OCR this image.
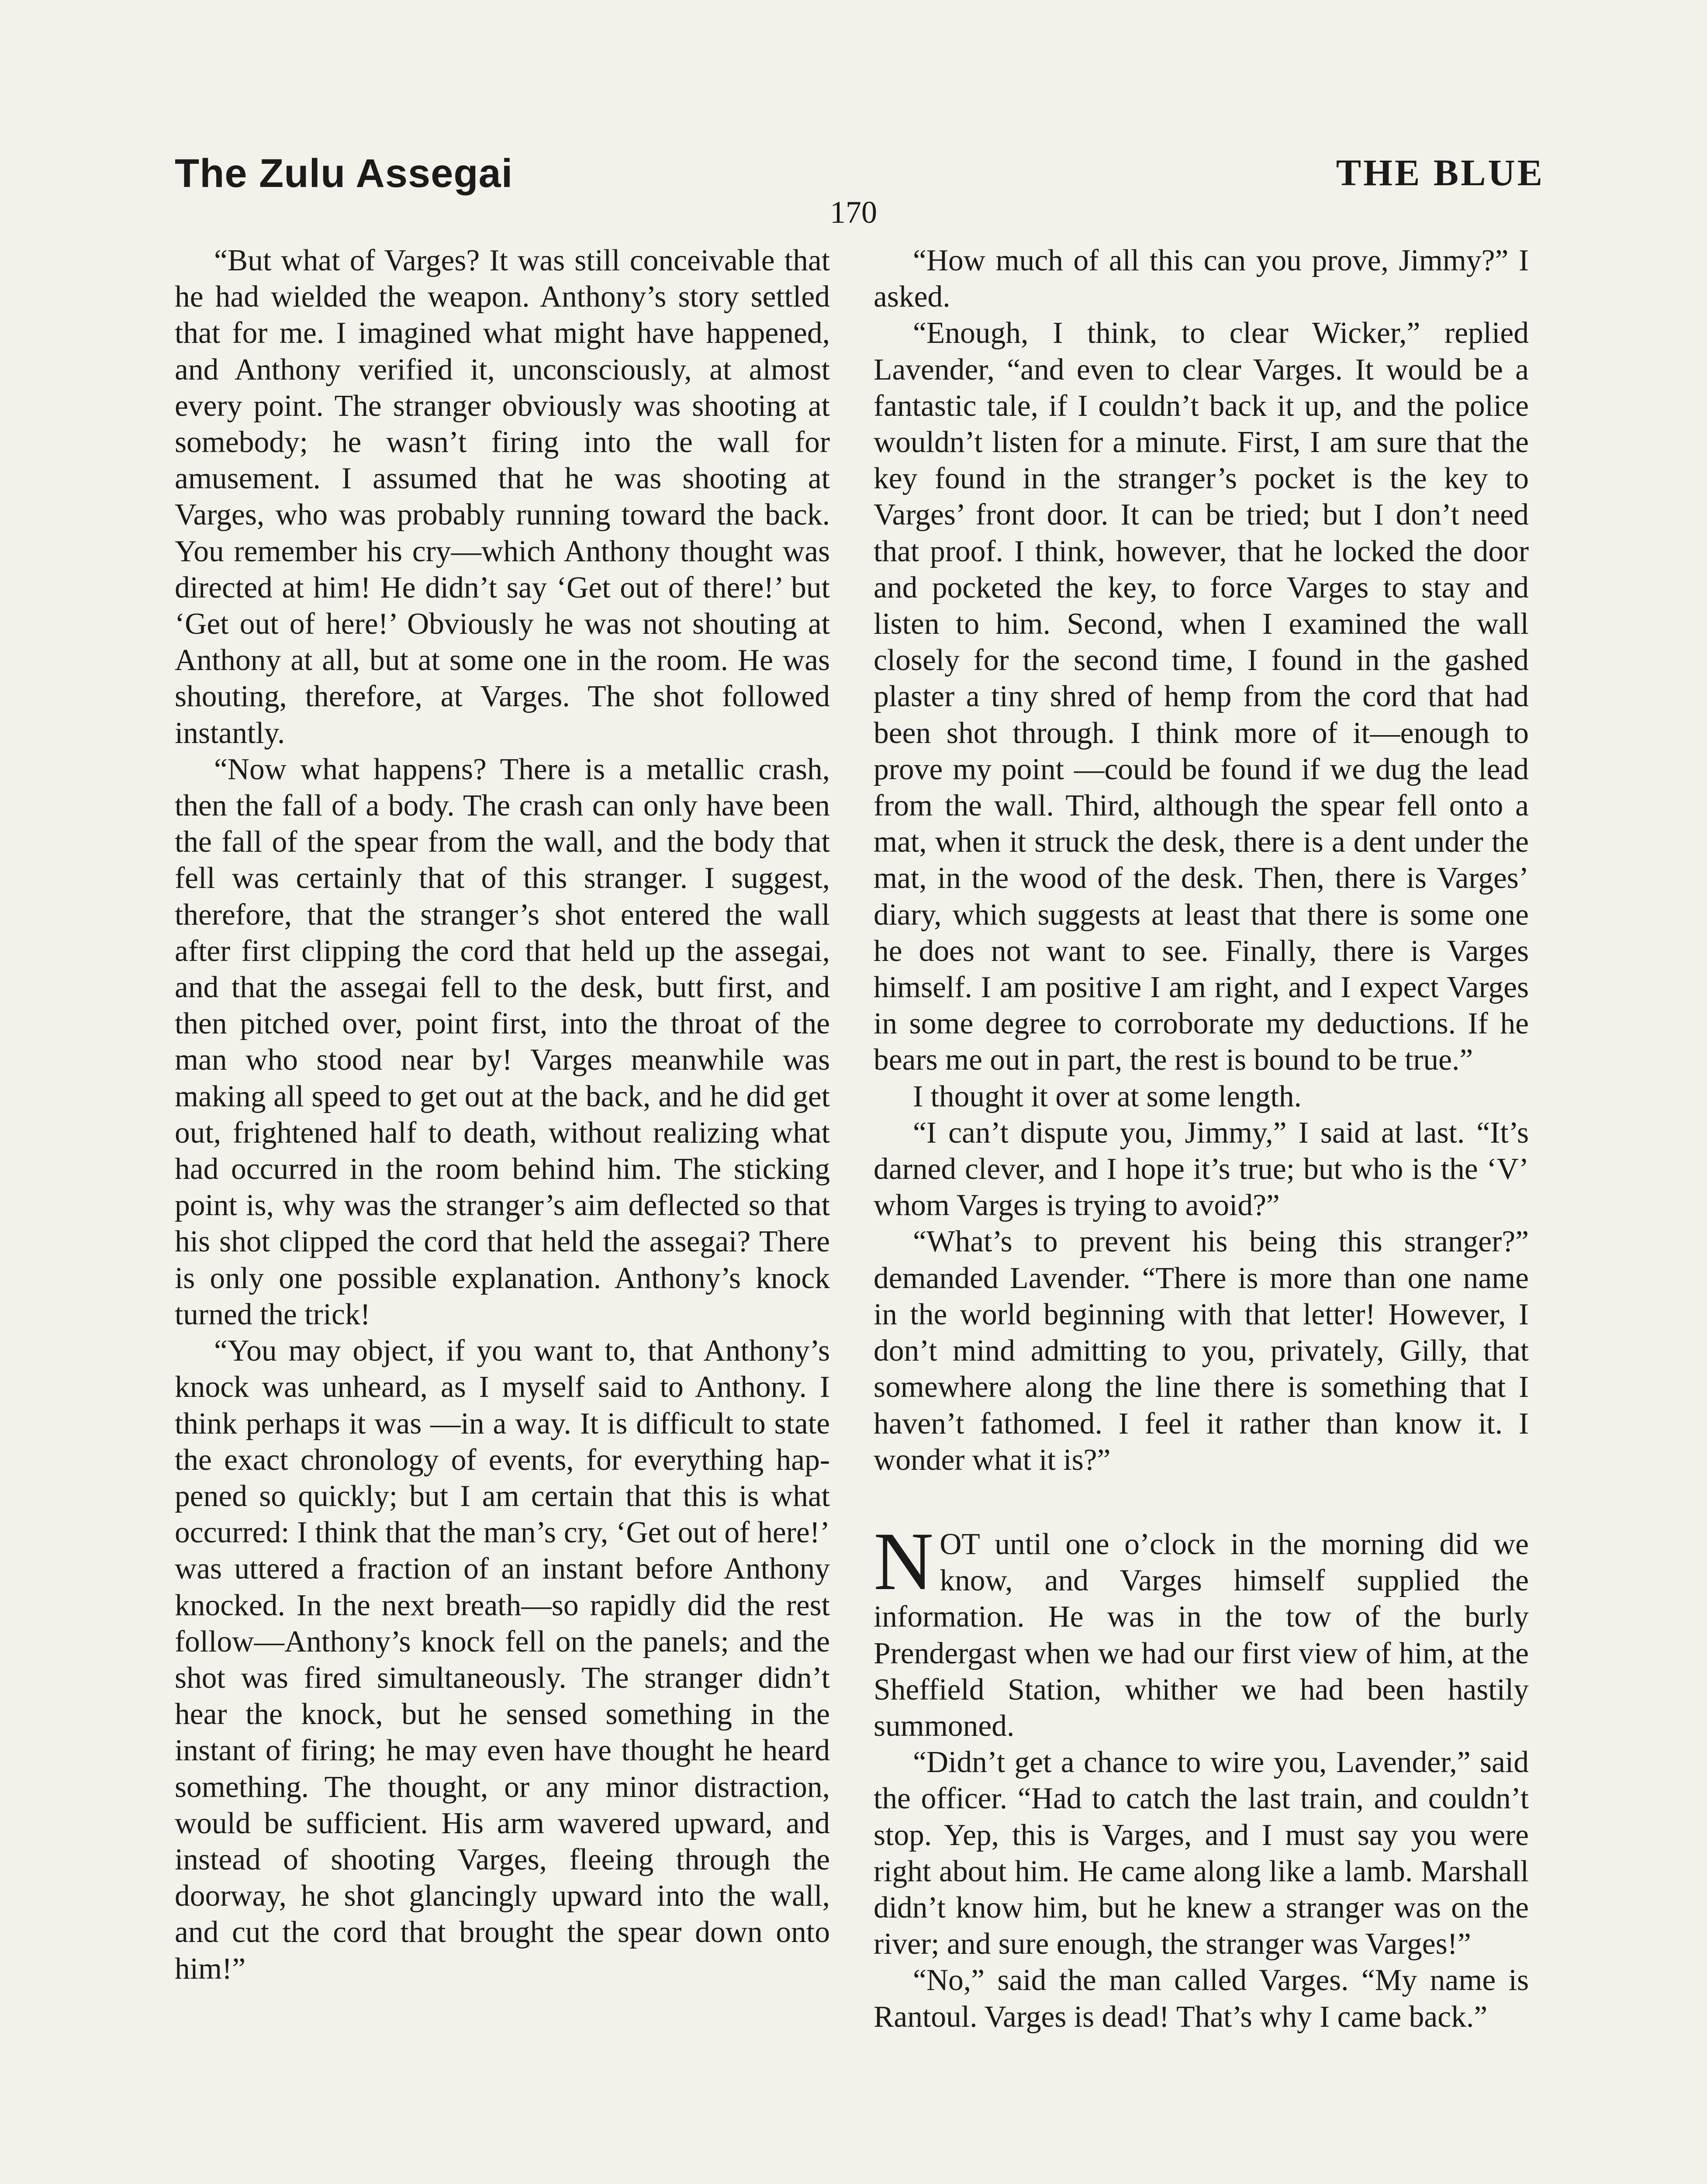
The Zulu Assegai	THE BLUE
170

“But what of Varges? It was still conceivable that he had wielded the weapon. Anthony’s story settled that for me. I imagined what might have happened, and Anthony verified it, unconsciously, at almost every point. The stranger obviously was shooting at somebody; he wasn’t firing into the wall for amusement. I assumed that he was shooting at Varges, who was probably running toward the back. You remember his cry—which Anthony thought was directed at him! He didn’t say ‘Get out of there!’ but ‘Get out of here!’ Obviously he was not shouting at Anthony at all, but at some one in the room. He was shouting, therefore, at Varges. The shot followed instantly.

“Now what happens? There is a metallic crash, then the fall of a body. The crash can only have been the fall of the spear from the wall, and the body that fell was certainly that of this stranger. I suggest, therefore, that the stranger’s shot entered the wall after first clipping the cord that held up the assegai, and that the assegai fell to the desk, butt first, and then pitched over, point first, into the throat of the man who stood near by! Varges meanwhile was making all speed to get out at the back, and he did get out, frightened half to death, without realizing what had occurred in the room behind him. The sticking point is, why was the stranger’s aim deflected so that his shot clipped the cord that held the assegai? There is only one possible explanation. Anthony’s knock turned the trick!

“You may object, if you want to, that Anthony’s knock was unheard, as I myself said to Anthony. I think perhaps it was —in a way. It is difficult to state the exact chronology of events, for everything happened so quickly; but I am certain that this is what occurred: I think that the man’s cry, ‘Get out of here!’ was uttered a fraction of an instant before Anthony knocked. In the next breath—so rapidly did the rest follow—Anthony’s knock fell on the panels; and the shot was fired simultaneously. The stranger didn’t hear the knock, but he sensed something in the instant of firing; he may even have thought he heard something. The thought, or any minor distraction, would be sufficient. His arm wavered upward, and instead of shooting Varges, fleeing through the doorway, he shot glancingly upward into the wall, and cut the cord that brought the spear down onto him!”

“How much of all this can you prove, Jimmy?” I asked.

“Enough, I think, to clear Wicker,” replied Lavender, “and even to clear Varges. It would be a fantastic tale, if I couldn’t back it up, and the police wouldn’t listen for a minute. First, I am sure that the key found in the stranger’s pocket is the key to Varges’ front door. It can be tried; but I don’t need that proof. I think, however, that he locked the door and pocketed the key, to force Varges to stay and listen to him. Second, when I examined the wall closely for the second time, I found in the gashed plaster a tiny shred of hemp from the cord that had been shot through. I think more of it—enough to prove my point —could be found if we dug the lead from the wall. Third, although the spear fell onto a mat, when it struck the desk, there is a dent under the mat, in the wood of the desk. Then, there is Varges’ diary, which suggests at least that there is some one he does not want to see. Finally, there is Varges himself. I am positive I am right, and I expect Varges in some degree to corroborate my deductions. If he bears me out in part, the rest is bound to be true.”

I thought it over at some length.

“I can’t dispute you, Jimmy,” I said at last. “It’s darned clever, and I hope it’s true; but who is the ‘V’ whom Varges is trying to avoid?”

“What’s to prevent his being this stranger?” demanded Lavender. “There is more than one name in the world beginning with that letter! However, I don’t mind admitting to you, privately, Gilly, that somewhere along the line there is something that I haven’t fathomed. I feel it rather than know it. I wonder what it is?”

NOT until one o’clock in the morning did we know, and Varges himself supplied the information. He was in the tow of the burly Prendergast when we had our first view of him, at the Sheffield Station, whither we had been hastily summoned.

“Didn’t get a chance to wire you, Lavender,” said the officer. “Had to catch the last train, and couldn’t stop. Yep, this is Varges, and I must say you were right about him. He came along like a lamb. Marshall didn’t know him, but he knew a stranger was on the river; and sure enough, the stranger was Varges!”

“No,” said the man called Varges. “My name is Rantoul. Varges is dead! That’s why I came back.”
